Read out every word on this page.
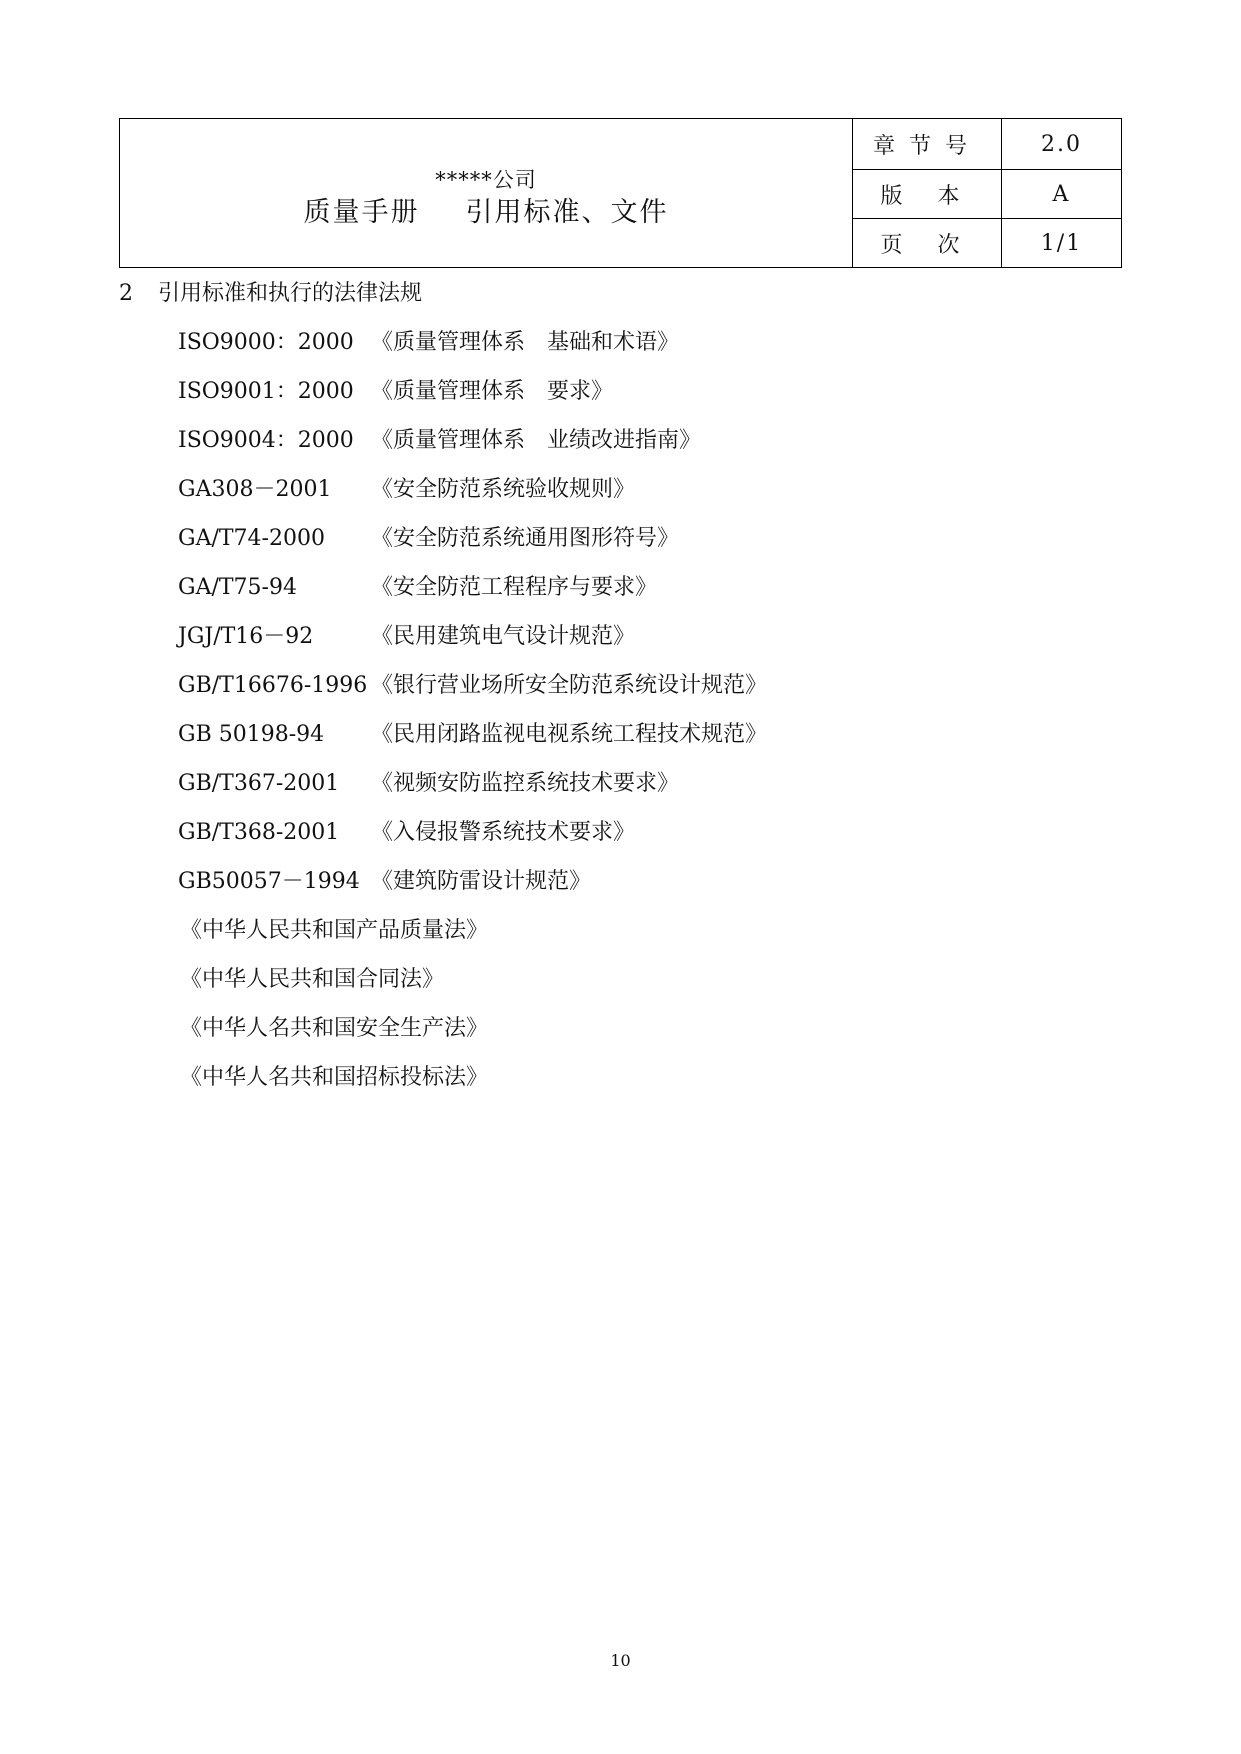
*****公司
质量手册 引用标准、文件	章节号	2.0
	版 本	A
	页 次	1/1
2 引用标准和执行的法律法规
ISO9000：2000 《质量管理体系　基础和术语》
ISO9001：2000 《质量管理体系　要求》
ISO9004：2000 《质量管理体系　业绩改进指南》
GA308－2001 《安全防范系统验收规则》
GA/T74-2000 《安全防范系统通用图形符号》
GA/T75-94	《安全防范工程程序与要求》
JGJ/T16－92	《民用建筑电气设计规范》
GB/T16676-1996 《银行营业场所安全防范系统设计规范》
GB 50198-94 《民用闭路监视电视系统工程技术规范》
GB/T367-2001 《视频安防监控系统技术要求》
GB/T368-2001 《入侵报警系统技术要求》
GB50057－1994 《建筑防雷设计规范》
《中华人民共和国产品质量法》
《中华人民共和国合同法》
《中华人名共和国安全生产法》
《中华人名共和国招标投标法》
10
